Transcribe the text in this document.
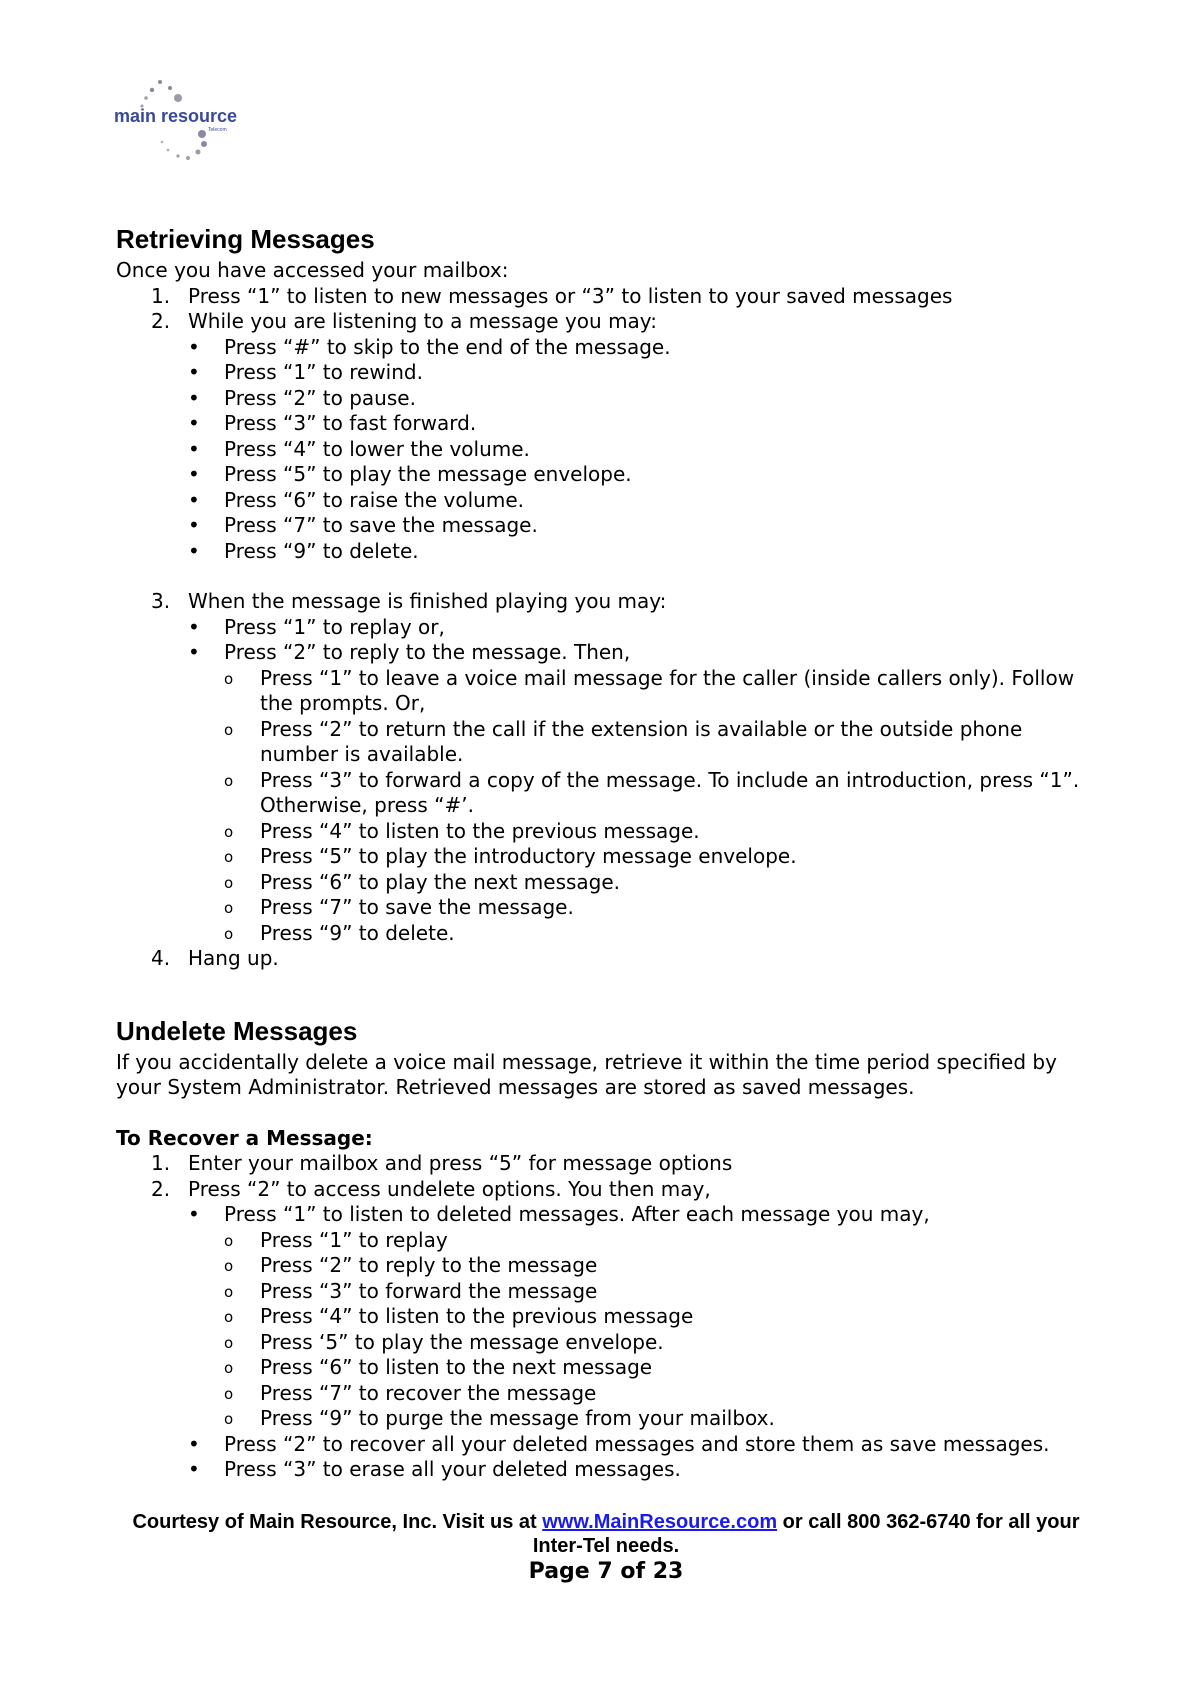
main resource
Telecom
Retrieving Messages

Once you have accessed your mailbox:

1. Press “1” to listen to new messages or “3” to listen to your saved messages
2. While you are listening to a message you may:
• Press “#” to skip to the end of the message.
• Press “1” to rewind.
• Press “2” to pause.
• Press “3” to fast forward.
• Press “4” to lower the volume.
• Press “5” to play the message envelope.
• Press “6” to raise the volume.
• Press “7” to save the message.
• Press “9” to delete.
3. When the message is finished playing you may:
• Press “1” to replay or,
• Press “2” to reply to the message. Then,
o Press “1” to leave a voice mail message for the caller (inside callers only). Follow the prompts. Or,
o Press “2” to return the call if the extension is available or the outside phone number is available.
o Press “3” to forward a copy of the message. To include an introduction, press “1”. Otherwise, press “#’.
o Press “4” to listen to the previous message.
o Press “5” to play the introductory message envelope.
o Press “6” to play the next message.
o Press “7” to save the message.
o Press “9” to delete.
4. Hang up.
Undelete Messages

If you accidentally delete a voice mail message, retrieve it within the time period specified by your System Administrator. Retrieved messages are stored as saved messages.

To Recover a Message:
1. Enter your mailbox and press “5” for message options
2. Press “2” to access undelete options. You then may,
• Press “1” to listen to deleted messages. After each message you may,
o Press “1” to replay
o Press “2” to reply to the message
o Press “3” to forward the message
o Press “4” to listen to the previous message
o Press ‘5” to play the message envelope.
o Press “6” to listen to the next message
o Press “7” to recover the message
o Press “9” to purge the message from your mailbox.
• Press “2” to recover all your deleted messages and store them as save messages.
• Press “3” to erase all your deleted messages.
Courtesy of Main Resource, Inc. Visit us at www.MainResource.com or call 800 362-6740 for all your Inter-Tel needs.
Page 7 of 23
